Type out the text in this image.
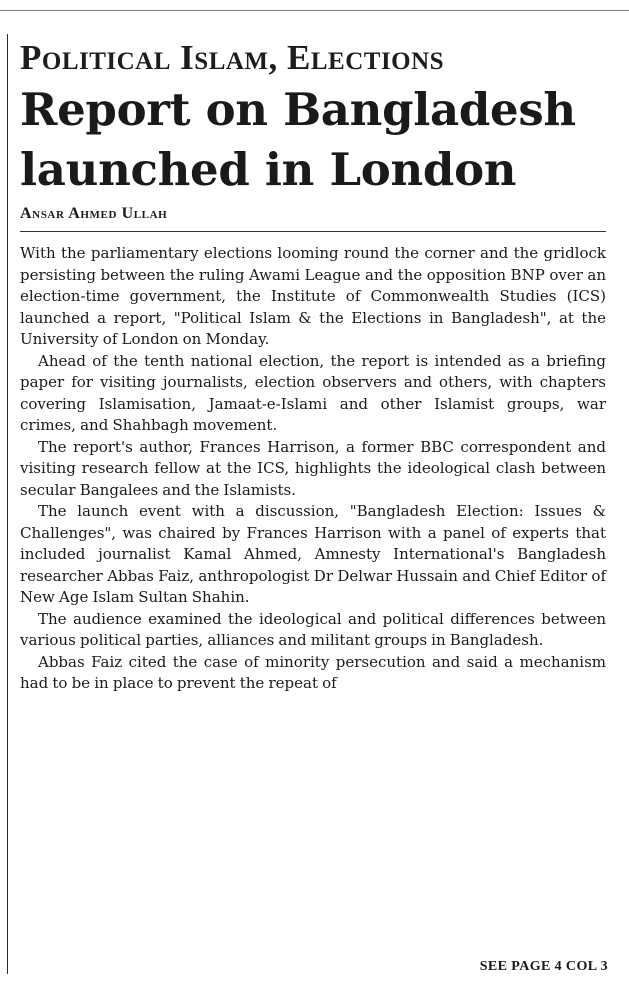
Political Islam, Elections
Report on Bangladesh launched in London
Ansar Ahmed Ullah

With the parliamentary elections looming round the corner and the gridlock persisting between the ruling Awami League and the opposition BNP over an election-time government, the Institute of Commonwealth Studies (ICS) launched a report, "Political Islam & the Elections in Bangladesh", at the University of London on Monday.

Ahead of the tenth national election, the report is intended as a briefing paper for visiting journalists, election observers and others, with chapters covering Islamisation, Jamaat-e-Islami and other Islamist groups, war crimes, and Shahbagh movement.

The report's author, Frances Harrison, a former BBC correspondent and visiting research fellow at the ICS, highlights the ideological clash between secular Bangalees and the Islamists.

The launch event with a discussion, "Bangladesh Election: Issues & Challenges", was chaired by Frances Harrison with a panel of experts that included journalist Kamal Ahmed, Amnesty International's Bangladesh researcher Abbas Faiz, anthropologist Dr Delwar Hussain and Chief Editor of New Age Islam Sultan Shahin.

The audience examined the ideological and political differences between various political parties, alliances and militant groups in Bangladesh.

Abbas Faiz cited the case of minority persecution and said a mechanism had to be in place to prevent the repeat of

SEE PAGE 4 COL 3
